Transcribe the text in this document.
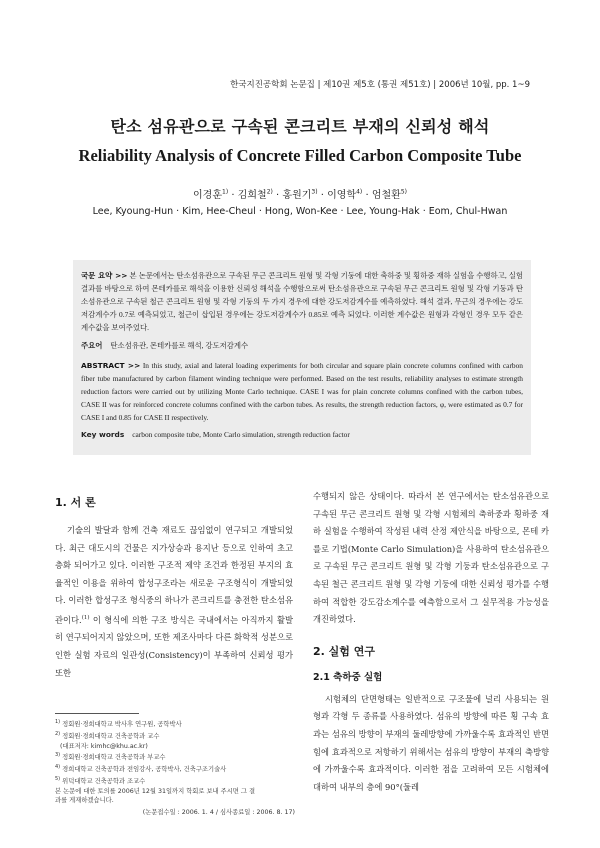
한국지진공학회 논문집 | 제10권 제5호 (통권 제51호) | 2006년 10월, pp. 1~9
탄소 섬유관으로 구속된 콘크리트 부재의 신뢰성 해석
Reliability Analysis of Concrete Filled Carbon Composite Tube
이경훈$^{1)}$ · 김희철$^{2)}$ · 홍원기$^{3)}$ · 이영학$^{4)}$ · 엄철환$^{5)}$
Lee, Kyoung-Hun · Kim, Hee-Cheul · Hong, Won-Kee · Lee, Young-Hak · Eom, Chul-Hwan

국문 요약 >> 본 논문에서는 탄소섬유관으로 구속된 무근 콘크리트 원형 및 각형 기둥에 대한 축하중 및 횡하중 재하 실험을 수행하고, 실험결과를 바탕으로 하여 몬테카를로 해석을 이용한 신뢰성 해석을 수행함으로써 탄소섬유관으로 구속된 무근 콘크리트 원형 및 각형 기둥과 탄소섬유관으로 구속된 철근 콘크리트 원형 및 각형 기둥의 두 가지 경우에 대한 강도저감계수를 예측하였다. 해석 결과, 무근의 경우에는 강도저감계수가 0.7로 예측되었고, 철근이 삽입된 경우에는 강도저감계수가 0.85로 예측 되었다. 이러한 계수값은 원형과 각형인 경우 모두 같은 계수값을 보여주었다.

주요어 탄소섬유관, 몬테카를로 해석, 강도저감계수

ABSTRACT >> In this study, axial and lateral loading experiments for both circular and square plain concrete columns confined with carbon fiber tube manufactured by carbon filament winding technique were performed. Based on the test results, reliability analyses to estimate strength reduction factors were carried out by utilizing Monte Carlo technique. CASE I was for plain concrete columns confined with the carbon tubes, CASE II was for reinforced concrete columns confined with the carbon tubes. As results, the strength reduction factors, φ, were estimated as 0.7 for CASE I and 0.85 for CASE II respectively.

Key words carbon composite tube, Monte Carlo simulation, strength reduction factor
1. 서 론

기술의 발달과 함께 건축 재료도 끊임없이 연구되고 개발되었다. 최근 대도시의 건물은 지가상승과 용지난 등으로 인하여 초고층화 되어가고 있다. 이러한 구조적 제약 조건과 한정된 부지의 효율적인 이용을 위하여 합성구조라는 새로운 구조형식이 개발되었다. 이러한 합성구조 형식중의 하나가 콘크리트를 충전한 탄소섬유관이다.$^{(1)}$ 이 형식에 의한 구조 방식은 국내에서는 아직까지 활발히 연구되어지지 않았으며, 또한 제조사마다 다른 화학적 성분으로 인한 실험 자료의 일관성(Consistency)이 부족하여 신뢰성 평가 또한

수행되지 않은 상태이다. 따라서 본 연구에서는 탄소섬유관으로 구속된 무근 콘크리트 원형 및 각형 시험체의 축하중과 횡하중 재하 실험을 수행하여 작성된 내력 산정 제안식을 바탕으로, 몬테 카를로 기법(Monte Carlo Simulation)을 사용하여 탄소섬유관으로 구속된 무근 콘크리트 원형 및 각형 기둥과 탄소섬유관으로 구속된 철근 콘크리트 원형 및 각형 기둥에 대한 신뢰성 평가를 수행하여 적합한 강도감소계수를 예측함으로서 그 실무적용 가능성을 개진하였다.

2. 실험 연구
2.1 축하중 실험

시험체의 단면형태는 일반적으로 구조물에 널리 사용되는 원형과 각형 두 종류를 사용하였다. 섬유의 방향에 따른 횡 구속 효과는 섬유의 방향이 부재의 둘레방향에 가까울수록 효과적인 반면 힘에 효과적으로 저항하기 위해서는 섬유의 방향이 부재의 축방향에 가까울수록 효과적이다. 이러한 점을 고려하여 모든 시험체에 대하여 내부의 층에 90°(둘레

$^{1)}$ 정회원·경희대학교 박사후 연구원, 공학박사
$^{2)}$ 정회원·경희대학교 건축공학과 교수
(대표저자: kimhc@khu.ac.kr)
$^{3)}$ 정회원·경희대학교 건축공학과 부교수
$^{4)}$ 경희대학교 건축공학과 전임강사, 공학박사, 건축구조기술사
$^{5)}$ 위덕대학교 건축공학과 조교수
본 논문에 대한 토의를 2006년 12월 31일까지 학회로 보내 주시면 그 결
과를 게재하겠습니다.
(논문접수일 : 2006. 1. 4 / 심사종료일 : 2006. 8. 17)
